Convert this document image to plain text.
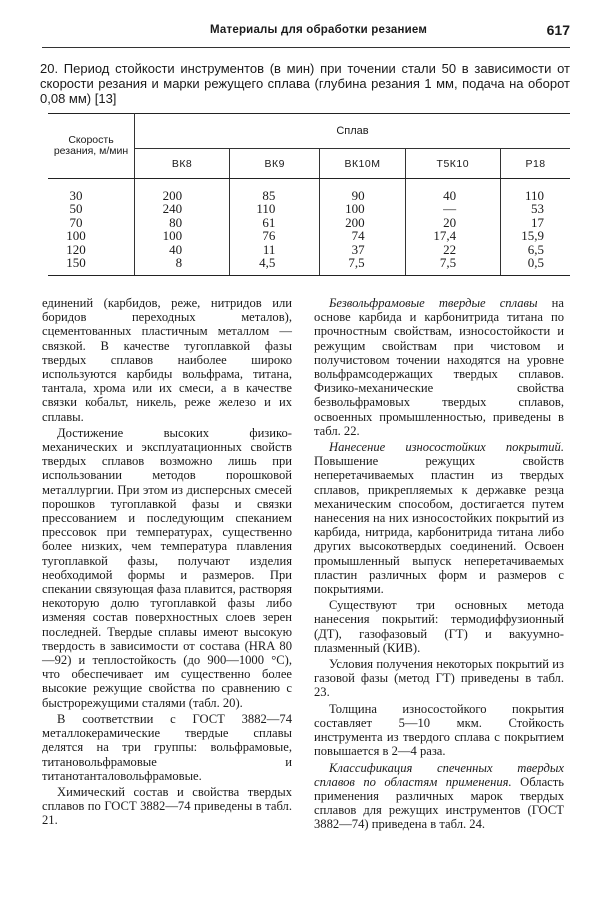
Материалы для обработки резанием	617
20. Период стойкости инструментов (в мин) при точении стали 50 в зависимости от скорости резания и марки режущего сплава (глубина резания 1 мм, подача на оборот 0,08 мм) [13]
Скорость резания, м/мин	Сплав				
	ВК8	ВК9	ВК10М	Т5К10	Р18
30	200	85	90	40	110
50	240	110	100	—	53
70	80	61	200	20	17
100	100	76	74	17,4	15,9
120	40	11	37	22	6,5
150	8	4,5	7,5	7,5	0,5

единений (карбидов, реже, нитридов или боридов переходных металов), сцементованных пластичным металлом — связкой. В качестве тугоплавкой фазы твердых сплавов наиболее широко используются карбиды вольфрама, титана, тантала, хрома или их смеси, а в качестве связки кобальт, никель, реже железо и их сплавы.

Достижение высоких физико-механических и эксплуатационных свойств твердых сплавов возможно лишь при использовании методов порошковой металлургии. При этом из дисперсных смесей порошков тугоплавкой фазы и связки прессованием и последующим спеканием прессовок при температурах, существенно более низких, чем температура плавления тугоплавкой фазы, получают изделия необходимой формы и размеров. При спекании связующая фаза плавится, растворяя некоторую долю тугоплавкой фазы либо изменяя состав поверхностных слоев зерен последней. Твердые сплавы имеют высокую твердость в зависимости от состава (HRA 80—92) и теплостойкость (до 900—1000 °C), что обеспечивает им существенно более высокие режущие свойства по сравнению с быстрорежущими сталями (табл. 20).

В соответствии с ГОСТ 3882—74 металлокерамические твердые сплавы делятся на три группы: вольфрамовые, титановольфрамовые и титанотанталовольфрамовые.

Химический состав и свойства твердых сплавов по ГОСТ 3882—74 приведены в табл. 21.

Безвольфрамовые твердые сплавы на основе карбида и карбонитрида титана по прочностным свойствам, износостойкости и режущим свойствам при чистовом и получистовом точении находятся на уровне вольфрамсодержащих твердых сплавов. Физико-механические свойства безвольфрамовых твердых сплавов, освоенных промышленностью, приведены в табл. 22.

Нанесение износостойких покрытий. Повышение режущих свойств неперетачиваемых пластин из твердых сплавов, прикрепляемых к державке резца механическим способом, достигается путем нанесения на них износостойких покрытий из карбида, нитрида, карбонитрида титана либо других высокотвердых соединений. Освоен промышленный выпуск неперетачиваемых пластин различных форм и размеров с покрытиями.

Существуют три основных метода нанесения покрытий: термодиффузионный (ДТ), газофазовый (ГТ) и вакуумно-плазменный (КИВ).

Условия получения некоторых покрытий из газовой фазы (метод ГТ) приведены в табл. 23.

Толщина износостойкого покрытия составляет 5—10 мкм. Стойкость инструмента из твердого сплава с покрытием повышается в 2—4 раза.

Классификация спеченных твердых сплавов по областям применения. Область применения различных марок твердых сплавов для режущих инструментов (ГОСТ 3882—74) приведена в табл. 24.
